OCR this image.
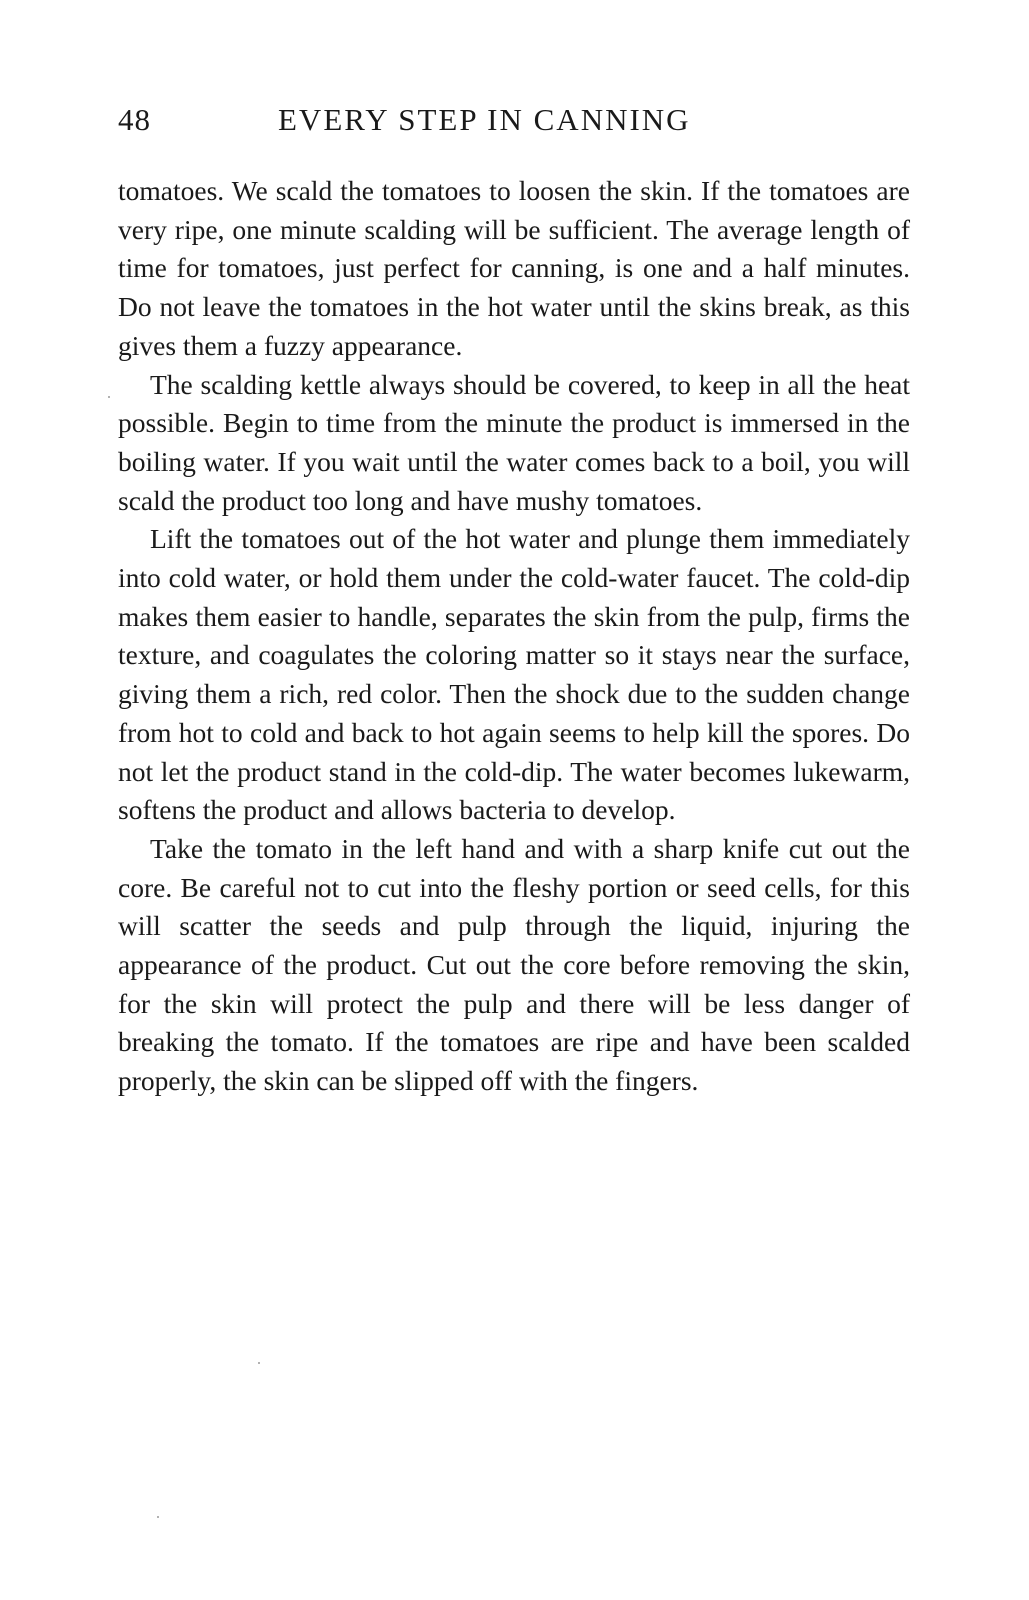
48	EVERY STEP IN CANNING

tomatoes. We scald the tomatoes to loosen the skin. If the tomatoes are very ripe, one minute scalding will be sufficient. The average length of time for tomatoes, just perfect for canning, is one and a half minutes. Do not leave the tomatoes in the hot water until the skins break, as this gives them a fuzzy appearance.

The scalding kettle always should be covered, to keep in all the heat possible. Begin to time from the minute the product is immersed in the boiling water. If you wait until the water comes back to a boil, you will scald the product too long and have mushy tomatoes.

Lift the tomatoes out of the hot water and plunge them immediately into cold water, or hold them under the cold-water faucet. The cold-dip makes them easier to handle, separates the skin from the pulp, firms the texture, and coagulates the coloring matter so it stays near the surface, giving them a rich, red color. Then the shock due to the sudden change from hot to cold and back to hot again seems to help kill the spores. Do not let the product stand in the cold-dip. The water becomes lukewarm, softens the product and allows bacteria to develop.

Take the tomato in the left hand and with a sharp knife cut out the core. Be careful not to cut into the fleshy portion or seed cells, for this will scatter the seeds and pulp through the liquid, injuring the appearance of the product. Cut out the core before removing the skin, for the skin will protect the pulp and there will be less danger of breaking the tomato. If the tomatoes are ripe and have been scalded properly, the skin can be slipped off with the fingers.
